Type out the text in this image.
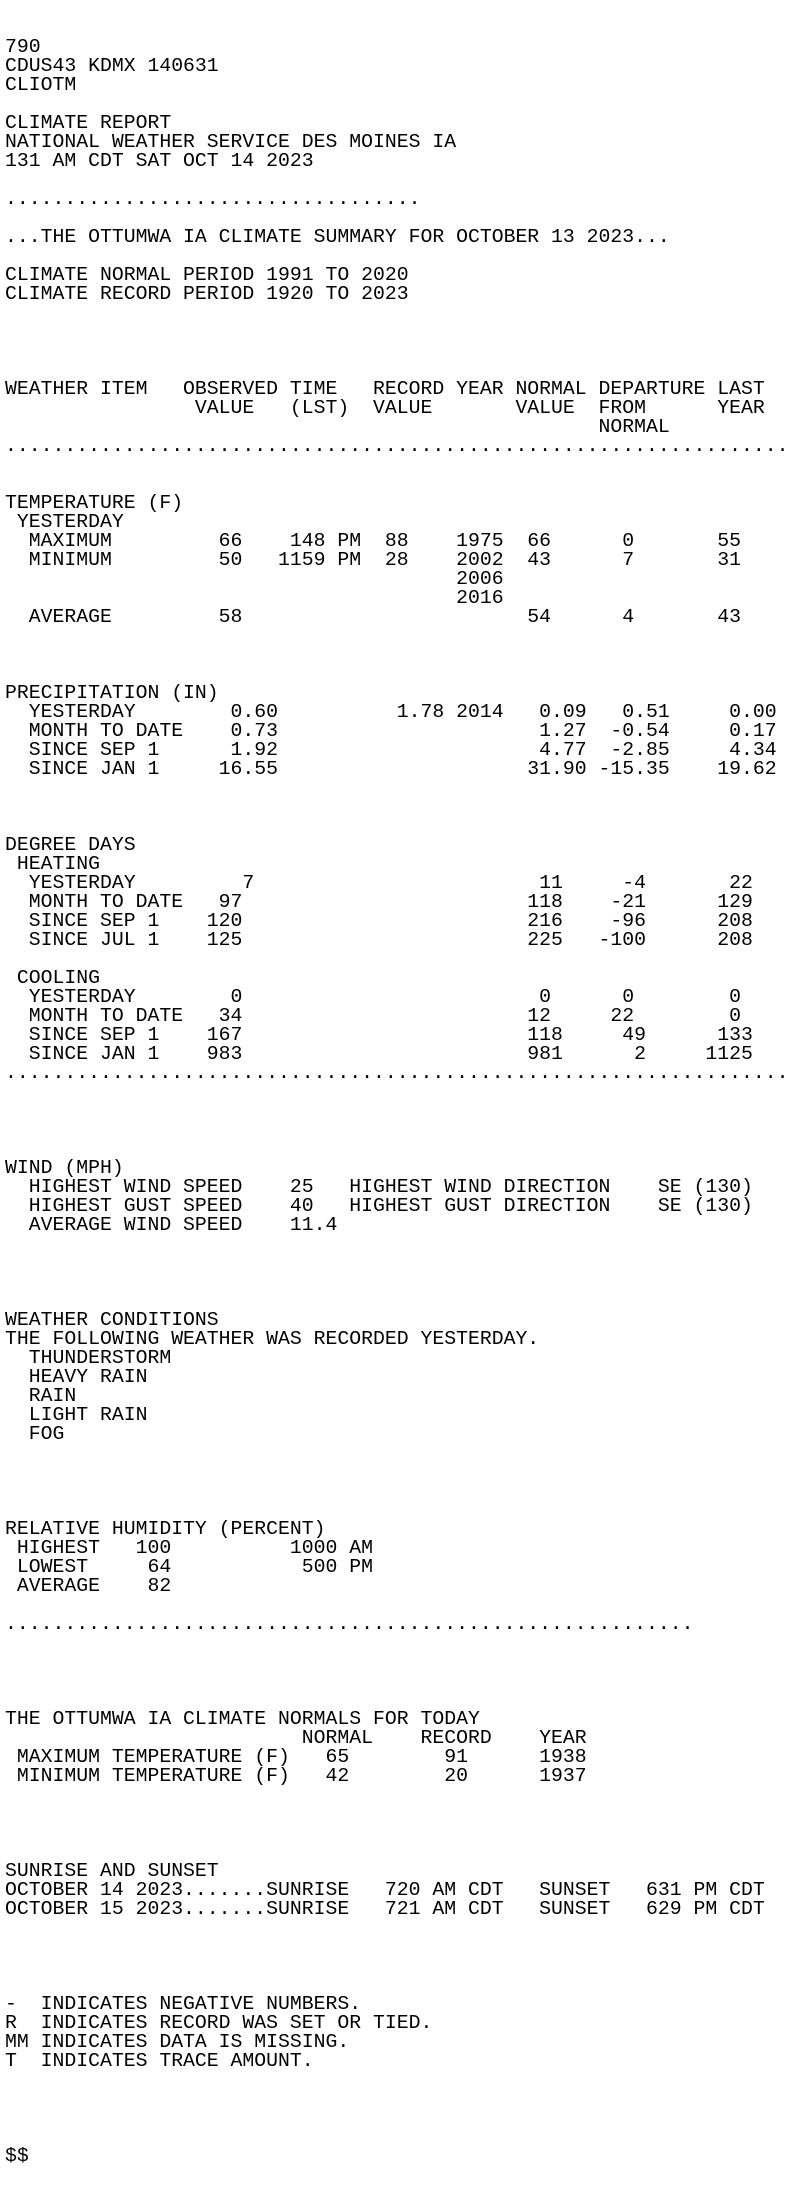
790
CDUS43 KDMX 140631
CLIOTM
CLIMATE REPORT
NATIONAL WEATHER SERVICE DES MOINES IA
131 AM CDT SAT OCT 14 2023
...................................
...THE OTTUMWA IA CLIMATE SUMMARY FOR OCTOBER 13 2023...
CLIMATE NORMAL PERIOD 1991 TO 2020
CLIMATE RECORD PERIOD 1920 TO 2023

WEATHER ITEM   OBSERVED TIME   RECORD YEAR NORMAL DEPARTURE LAST
VALUE   (LST)  VALUE       VALUE  FROM      YEAR
NORMAL
..................................................................

TEMPERATURE (F)
YESTERDAY
MAXIMUM         66    148 PM  88    1975  66      0       55
MINIMUM         50   1159 PM  28    2002  43      7       31
2006
2016
AVERAGE         58                        54      4       43

PRECIPITATION (IN)
YESTERDAY        0.60          1.78 2014   0.09   0.51     0.00
MONTH TO DATE    0.73                      1.27  -0.54     0.17
SINCE SEP 1      1.92                      4.77  -2.85     4.34
SINCE JAN 1     16.55                     31.90 -15.35    19.62

DEGREE DAYS
HEATING
YESTERDAY         7                        11     -4       22
MONTH TO DATE   97                        118    -21      129
SINCE SEP 1    120                        216    -96      208
SINCE JUL 1    125                        225   -100      208
COOLING
YESTERDAY        0                         0      0        0
MONTH TO DATE   34                        12     22        0
SINCE SEP 1    167                        118     49      133
SINCE JAN 1    983                        981      2     1125
..................................................................

WIND (MPH)
HIGHEST WIND SPEED    25   HIGHEST WIND DIRECTION    SE (130)
HIGHEST GUST SPEED    40   HIGHEST GUST DIRECTION    SE (130)
AVERAGE WIND SPEED    11.4

WEATHER CONDITIONS
THE FOLLOWING WEATHER WAS RECORDED YESTERDAY.
THUNDERSTORM
HEAVY RAIN
RAIN
LIGHT RAIN
FOG

RELATIVE HUMIDITY (PERCENT)
HIGHEST   100          1000 AM
LOWEST     64           500 PM
AVERAGE    82
..........................................................

THE OTTUMWA IA CLIMATE NORMALS FOR TODAY
NORMAL    RECORD    YEAR
MAXIMUM TEMPERATURE (F)   65        91      1938
MINIMUM TEMPERATURE (F)   42        20      1937

SUNRISE AND SUNSET
OCTOBER 14 2023.......SUNRISE   720 AM CDT   SUNSET   631 PM CDT
OCTOBER 15 2023.......SUNRISE   721 AM CDT   SUNSET   629 PM CDT

-  INDICATES NEGATIVE NUMBERS.
R  INDICATES RECORD WAS SET OR TIED.
MM INDICATES DATA IS MISSING.
T  INDICATES TRACE AMOUNT.
$$
